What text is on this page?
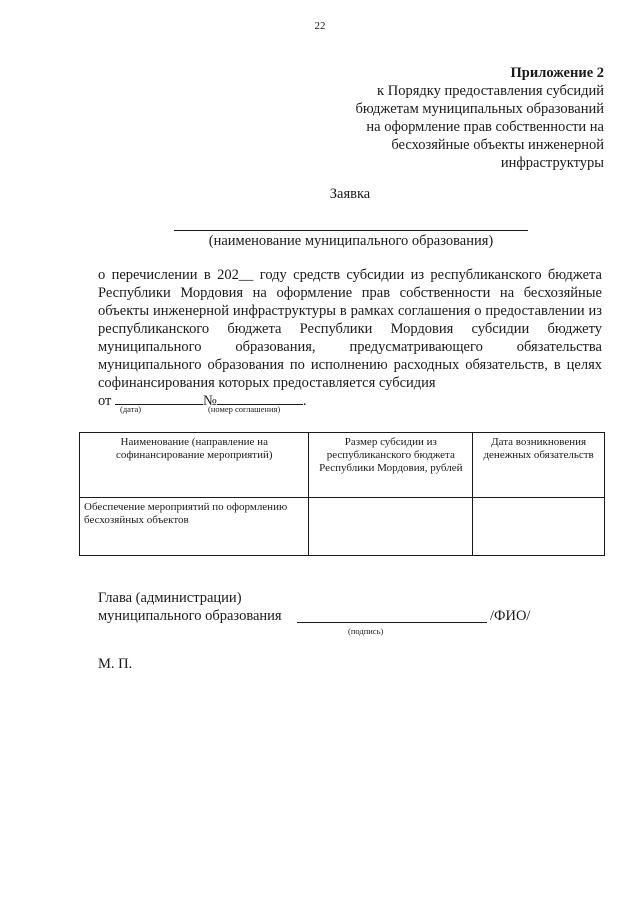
22
Приложение 2
к Порядку предоставления субсидий
бюджетам муниципальных образований
на оформление прав собственности на
бесхозяйные объекты инженерной
инфраструктуры
Заявка
(наименование муниципального образования)
о перечислении в 202__ году средств субсидии из республиканского бюджета Республики Мордовия на оформление прав собственности на бесхозяйные объекты инженерной инфраструктуры в рамках соглашения о предоставлении из республиканского бюджета Республики Мордовия субсидии бюджету муниципального образования, предусматривающего обязательства муниципального образования по исполнению расходных обязательств, в целях софинансирования которых предоставляется субсидия
от	№	.
(дата)	(номер соглашения)
Наименование (направление на софинансирование мероприятий)	Размер субсидии из республиканского бюджета Республики Мордовия, рублей	Дата возникновения денежных обязательств
Обеспечение мероприятий по оформлению бесхозяйных объектов		
Глава (администрации)
муниципального образования	/ФИО/
(подпись)
М. П.
